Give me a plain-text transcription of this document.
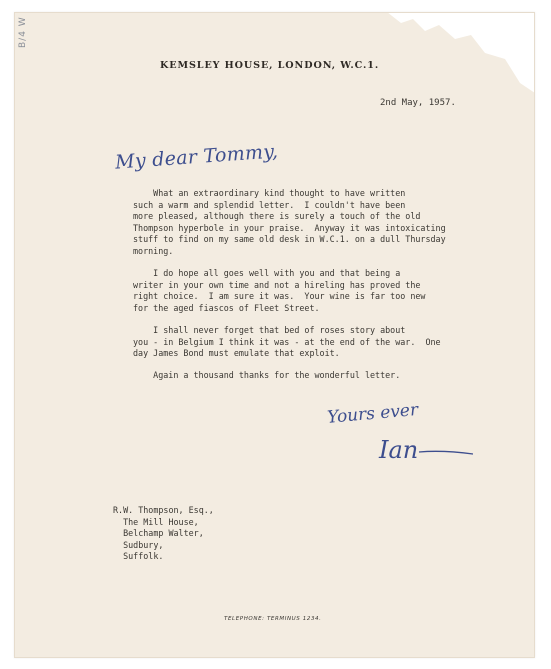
B/4 W
KEMSLEY HOUSE, LONDON, W.C.1.
2nd May, 1957.
My dear Tommy,
What an extraordinary kind thought to have written
such a warm and splendid letter.  I couldn't have been
more pleased, although there is surely a touch of the old
Thompson hyperbole in your praise.  Anyway it was intoxicating
stuff to find on my same old desk in W.C.1. on a dull Thursday
morning.
I do hope all goes well with you and that being a
writer in your own time and not a hireling has proved the
right choice.  I am sure it was.  Your wine is far too new
for the aged fiascos of Fleet Street.
I shall never forget that bed of roses story about
you - in Belgium I think it was - at the end of the war.  One
day James Bond must emulate that exploit.
Again a thousand thanks for the wonderful letter.
Yours ever
Ian
R.W. Thompson, Esq.,
The Mill House,
Belchamp Walter,
Sudbury,
Suffolk.
TELEPHONE: TERMINUS 1234.
